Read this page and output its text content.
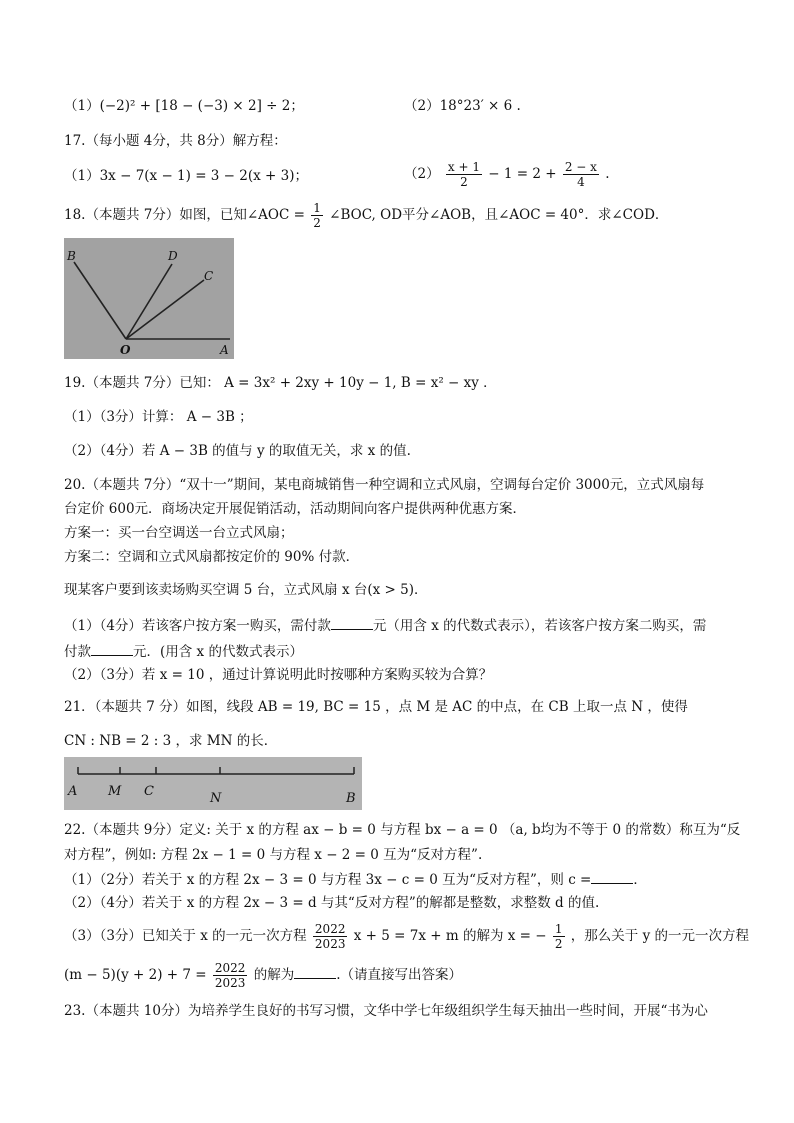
（1）(−2)² + [18 − (−3) × 2] ÷ 2；	（2）18°23′ × 6 .
17.（每小题 4分，共 8分）解方程：
（1）3x − 7(x − 1) = 3 − 2(x + 3)；	$(2) \frac{x + 1}{2} - 1 = 2 + \frac{2 - x}{4}$ .
18.（本题共 7分）如图，已知∠AOC = $\frac{1}{2}$ ∠BOC, OD平分∠AOB，且∠AOC = 40°．求∠COD．
B	D
C
O	A
19.（本题共 7分）已知： A = 3x² + 2xy + 10y − 1, B = x² − xy ．
（1）（3分）计算： A − 3B ；
（2）（4分）若 A − 3B 的值与 y 的取值无关，求 x 的值.
20.（本题共 7分）“双十一”期间，某电商城销售一种空调和立式风扇，空调每台定价 3000元，立式风扇每
台定价 600元．商场决定开展促销活动，活动期间向客户提供两种优惠方案．
方案一：买一台空调送一台立式风扇；
方案二：空调和立式风扇都按定价的 90% 付款．
现某客户要到该卖场购买空调 5 台，立式风扇 x 台(x > 5)．
（1）（4分）若该客户按方案一购买，需付款	元（用含 x 的代数式表示），若该客户按方案二购买，需
付款	元．(用含 x 的代数式表示）
（2）（3分）若 x = 10 ，通过计算说明此时按哪种方案购买较为合算？
21．（本题共 7 分）如图，线段 AB = 19, BC = 15 ，点 M 是 AC 的中点，在 CB 上取一点 N ，使得
CN : NB = 2 : 3 ，求 MN 的长．
A M C	N	B
22.（本题共 9分）定义: 关于 x 的方程 ax − b = 0 与方程 bx − a = 0 （a, b均为不等于 0 的常数）称互为“反
对方程”，例如: 方程 2x − 1 = 0 与方程 x − 2 = 0 互为“反对方程”.
（1）（2分）若关于 x 的方程 2x − 3 = 0 与方程 3x − c = 0 互为“反对方程”，则 c =	．
（2）（4分）若关于 x 的方程 2x − 3 = d 与其“反对方程”的解都是整数，求整数 d 的值.
（3）（3分）已知关于 x 的一元一次方程 $\frac{2022}{2023}$ x + 5 = 7x + m 的解为 x = − $\frac{1}{2}$ ，那么关于 y 的一元一次方程
$(m - 5)(y + 2) + 7 = \frac{2022}{2023}$ 的解为	.（请直接写出答案）
23.（本题共 10分）为培养学生良好的书写习惯，文华中学七年级组织学生每天抽出一些时间，开展“书为心
